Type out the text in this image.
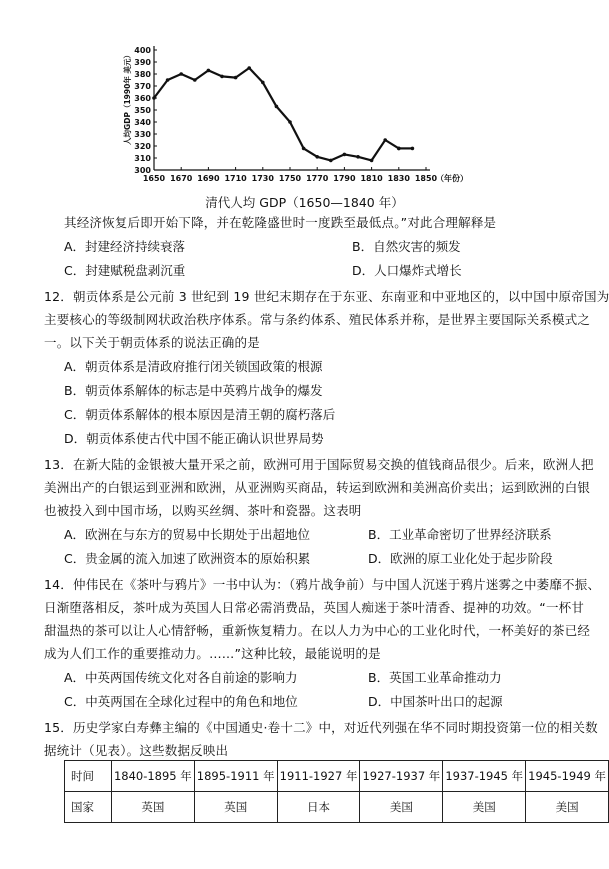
300
310
320
330
340
350
360
370
380
390
400
1650 1670 1690 1710 1730 1750 1770 1790 1810 1830 1850
（年份）
人均GDP（1990年 美元）
清代人均 GDP（1650—1840 年）
其经济恢复后即开始下降，并在乾隆盛世时一度跌至最低点。”对此合理解释是
A．封建经济持续衰落	B．自然灾害的频发
C．封建赋税盘剥沉重	D．人口爆炸式增长
12．朝贡体系是公元前 3 世纪到 19 世纪末期存在于东亚、东南亚和中亚地区的，以中国中原帝国为
主要核心的等级制网状政治秩序体系。常与条约体系、殖民体系并称，是世界主要国际关系模式之
一。以下关于朝贡体系的说法正确的是
A．朝贡体系是清政府推行闭关锁国政策的根源
B．朝贡体系解体的标志是中英鸦片战争的爆发
C．朝贡体系解体的根本原因是清王朝的腐朽落后
D．朝贡体系使古代中国不能正确认识世界局势
13．在新大陆的金银被大量开采之前，欧洲可用于国际贸易交换的值钱商品很少。后来，欧洲人把
美洲出产的白银运到亚洲和欧洲，从亚洲购买商品，转运到欧洲和美洲高价卖出；运到欧洲的白银
也被投入到中国市场，以购买丝绸、茶叶和瓷器。这表明
A．欧洲在与东方的贸易中长期处于出超地位	B．工业革命密切了世界经济联系
C．贵金属的流入加速了欧洲资本的原始积累	D．欧洲的原工业化处于起步阶段
14．仲伟民在《茶叶与鸦片》一书中认为：（鸦片战争前）与中国人沉迷于鸦片迷雾之中萎靡不振、
日渐堕落相反，茶叶成为英国人日常必需消费品，英国人痴迷于茶叶清香、提神的功效。“一杯甘
甜温热的茶可以让人心情舒畅，重新恢复精力。在以人力为中心的工业化时代，一杯美好的茶已经
成为人们工作的重要推动力。……”这种比较，最能说明的是
A．中英两国传统文化对各自前途的影响力	B．英国工业革命推动力
C．中英两国在全球化过程中的角色和地位	D．中国茶叶出口的起源
15．历史学家白寿彝主编的《中国通史·卷十二》中，对近代列强在华不同时期投资第一位的相关数
据统计（见表）。这些数据反映出
时间	1840-1895 年	1895-1911 年	1911-1927 年	1927-1937 年	1937-1945 年	1945-1949 年
国家	英国	英国	日本	美国	美国	美国
